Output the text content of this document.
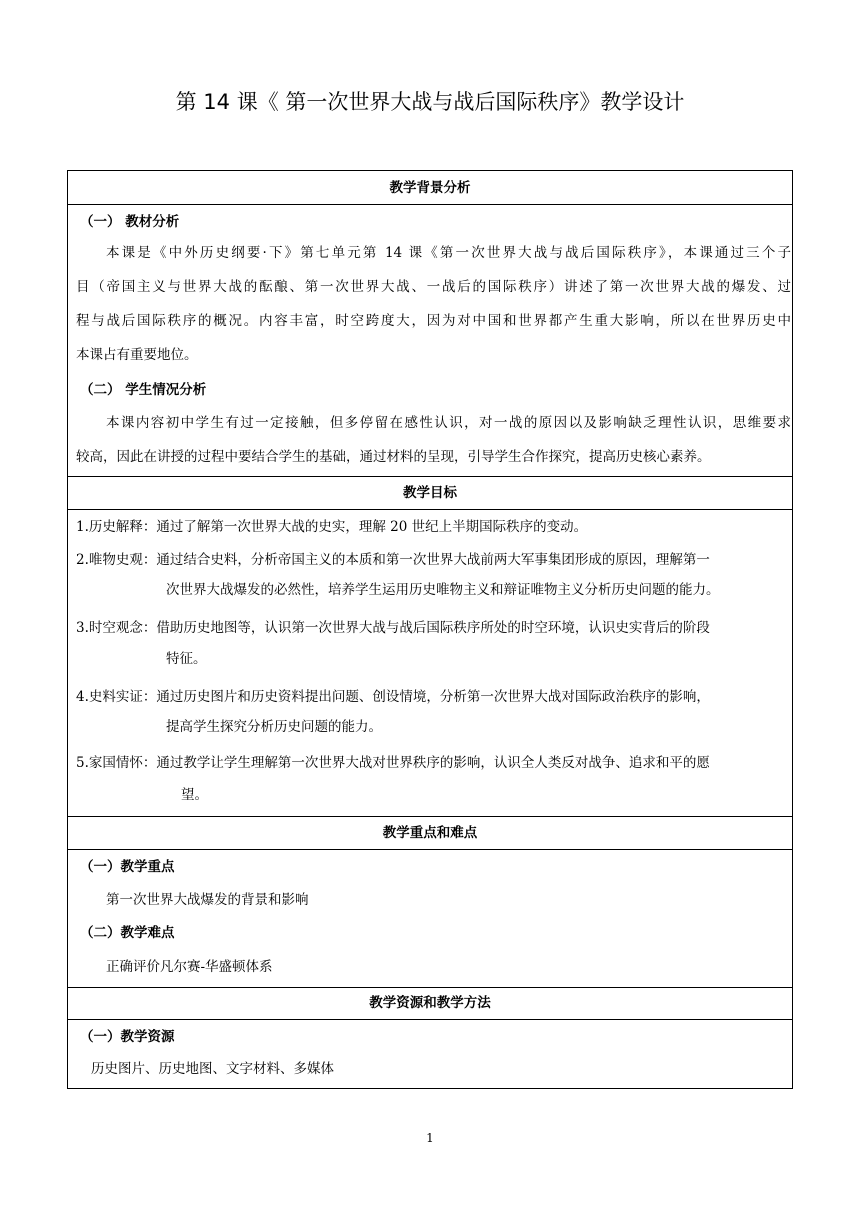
第 14 课《 第一次世界大战与战后国际秩序》教学设计
教学背景分析
（一） 教材分析
本课是《中外历史纲要·下》第七单元第 14 课《第一次世界大战与战后国际秩序》，本课通过三个子
目（帝国主义与世界大战的酝酿、第一次世界大战、一战后的国际秩序）讲述了第一次世界大战的爆发、过
程与战后国际秩序的概况。内容丰富，时空跨度大，因为对中国和世界都产生重大影响，所以在世界历史中
本课占有重要地位。
（二） 学生情况分析
本课内容初中学生有过一定接触，但多停留在感性认识，对一战的原因以及影响缺乏理性认识，思维要求
较高，因此在讲授的过程中要结合学生的基础，通过材料的呈现，引导学生合作探究，提高历史核心素养。
教学目标
1.历史解释：通过了解第一次世界大战的史实，理解 20 世纪上半期国际秩序的变动。
2.唯物史观：通过结合史料，分析帝国主义的本质和第一次世界大战前两大军事集团形成的原因，理解第一
次世界大战爆发的必然性，培养学生运用历史唯物主义和辩证唯物主义分析历史问题的能力。
3.时空观念：借助历史地图等，认识第一次世界大战与战后国际秩序所处的时空环境，认识史实背后的阶段
特征。
4.史料实证：通过历史图片和历史资料提出问题、创设情境，分析第一次世界大战对国际政治秩序的影响，
提高学生探究分析历史问题的能力。
5.家国情怀：通过教学让学生理解第一次世界大战对世界秩序的影响，认识全人类反对战争、追求和平的愿
望。
教学重点和难点
（一）教学重点
第一次世界大战爆发的背景和影响
（二）教学难点
正确评价凡尔赛-华盛顿体系
教学资源和教学方法
（一）教学资源
历史图片、历史地图、文字材料、多媒体
1
